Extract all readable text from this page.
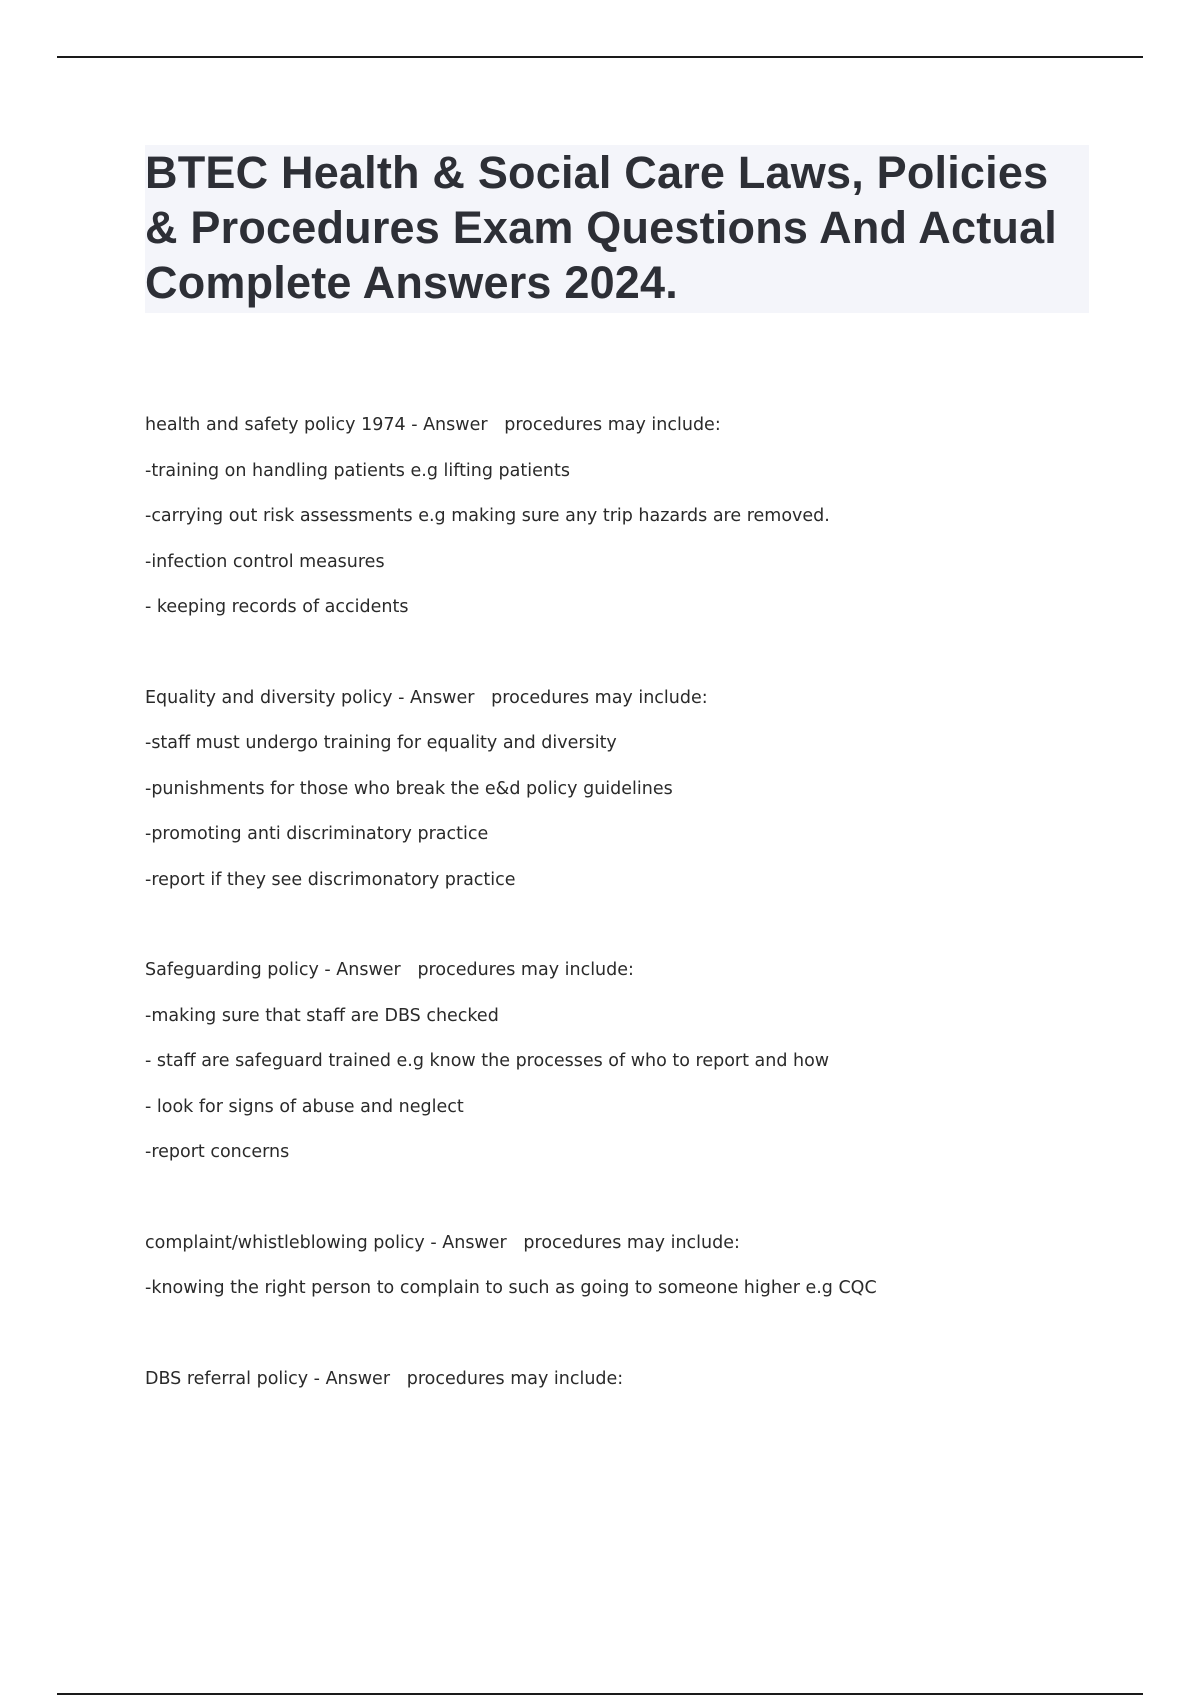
BTEC Health & Social Care Laws, Policies & Procedures Exam Questions And Actual Complete Answers 2024.
health and safety policy 1974 - Answer procedures may include:
-training on handling patients e.g lifting patients
-carrying out risk assessments e.g making sure any trip hazards are removed.
-infection control measures
- keeping records of accidents
Equality and diversity policy - Answer procedures may include:
-staff must undergo training for equality and diversity
-punishments for those who break the e&d policy guidelines
-promoting anti discriminatory practice
-report if they see discrimonatory practice
Safeguarding policy - Answer procedures may include:
-making sure that staff are DBS checked
- staff are safeguard trained e.g know the processes of who to report and how
- look for signs of abuse and neglect
-report concerns
complaint/whistleblowing policy - Answer procedures may include:
-knowing the right person to complain to such as going to someone higher e.g CQC
DBS referral policy - Answer procedures may include:
